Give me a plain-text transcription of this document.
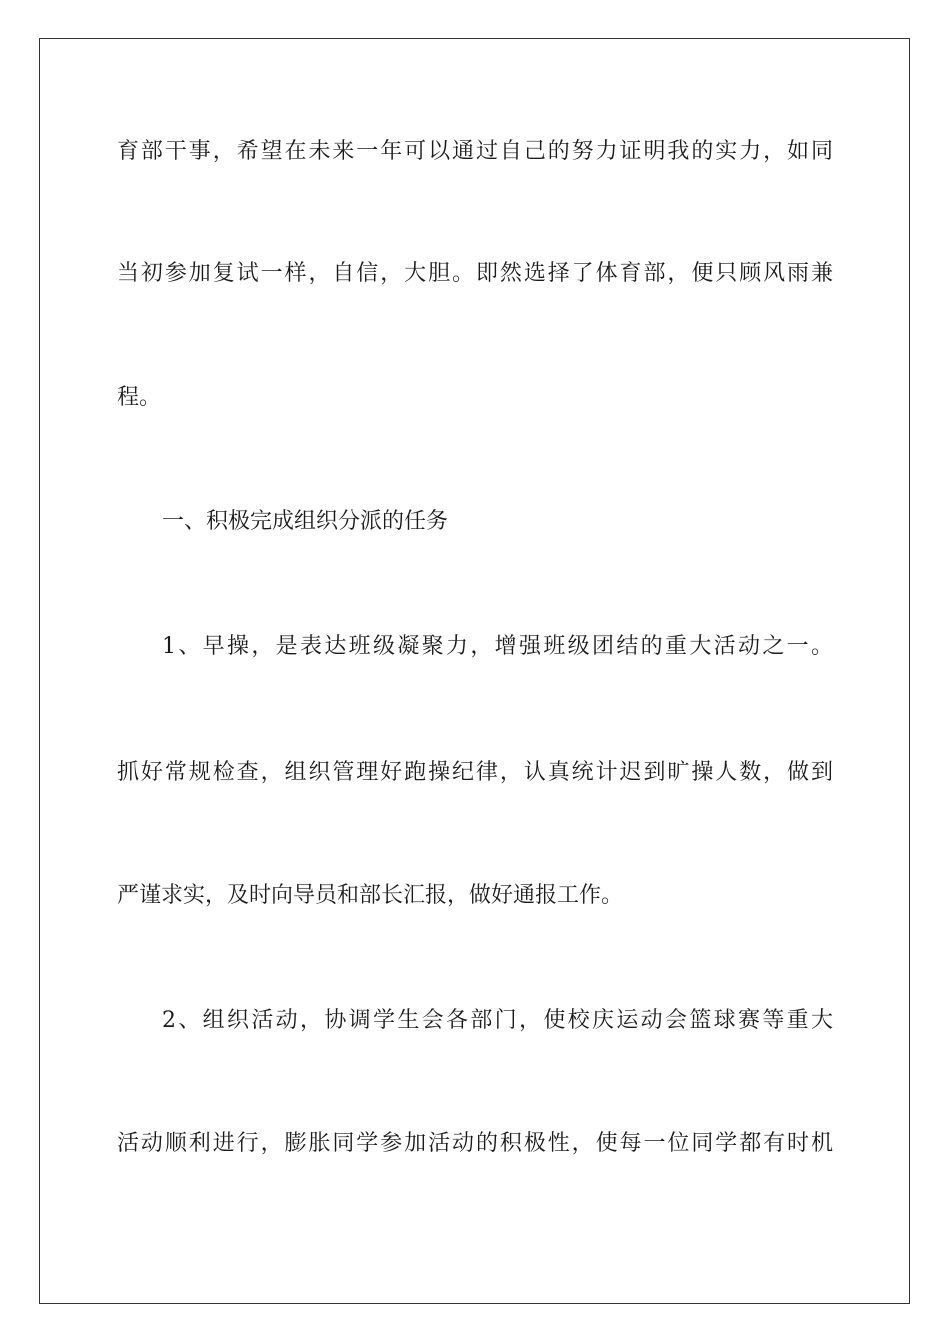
育部干事，希望在未来一年可以通过自己的努力证明我的实力，如同
当初参加复试一样，自信，大胆。即然选择了体育部，便只顾风雨兼
程。
一、积极完成组织分派的任务
1、早操，是表达班级凝聚力，增强班级团结的重大活动之一。
抓好常规检查，组织管理好跑操纪律，认真统计迟到旷操人数，做到
严谨求实，及时向导员和部长汇报，做好通报工作。
2、组织活动，协调学生会各部门，使校庆运动会篮球赛等重大
活动顺利进行，膨胀同学参加活动的积极性，使每一位同学都有时机
